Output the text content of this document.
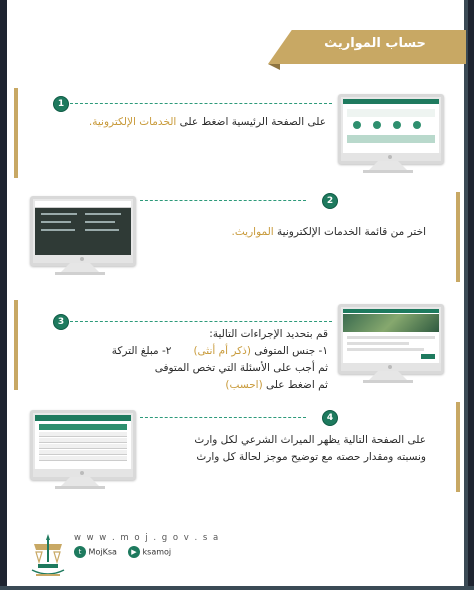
حساب المواريث
1
على الصفحة الرئيسية اضغط على الخدمات الإلكترونية.
2
اختر من قائمة الخدمات الإلكترونية المواريث.
3
قم بتحديد الإجراءات التالية:
١- جنس المتوفى (ذكر أم أنثى)٢- مبلغ التركة
ثم أجب على الأسئلة التي تخص المتوفى
ثم اضغط على (احسب)
4
على الصفحة التالية يظهر الميراث الشرعي لكل وارث
ونسبته ومقدار حصته مع توضيح موجز لحالة كل وارث
w w w . m o j . g o v . s a
t MojKsa ▶ ksamoj
